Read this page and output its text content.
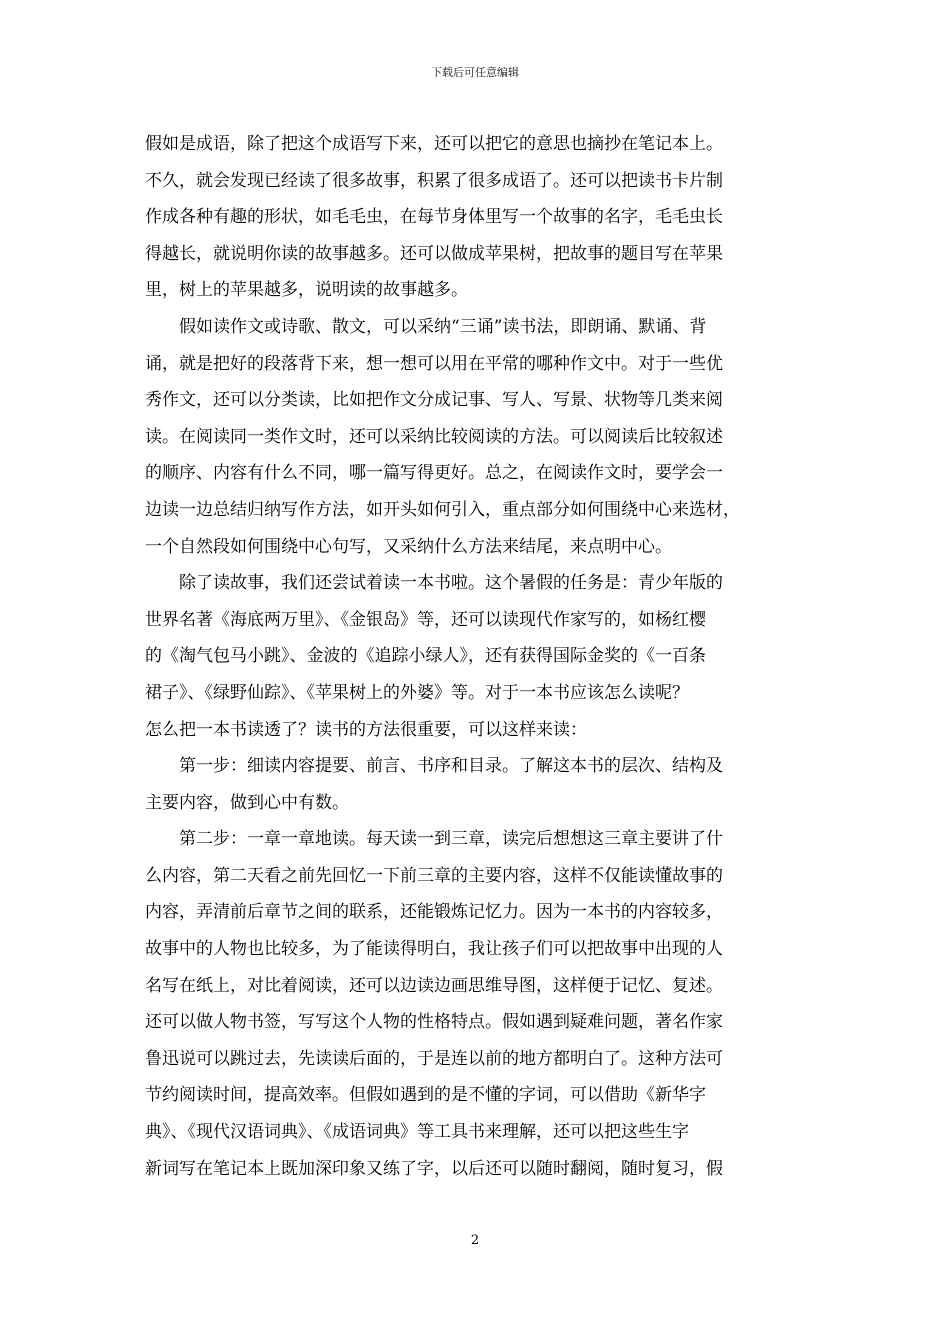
下载后可任意编辑

假如是成语，除了把这个成语写下来，还可以把它的意思也摘抄在笔记本上。
不久，就会发现已经读了很多故事，积累了很多成语了。还可以把读书卡片制
作成各种有趣的形状，如毛毛虫，在每节身体里写一个故事的名字，毛毛虫长
得越长，就说明你读的故事越多。还可以做成苹果树，把故事的题目写在苹果
里，树上的苹果越多，说明读的故事越多。

　　假如读作文或诗歌、散文，可以采纳“三诵”读书法，即朗诵、默诵、背
诵，就是把好的段落背下来，想一想可以用在平常的哪种作文中。对于一些优
秀作文，还可以分类读，比如把作文分成记事、写人、写景、状物等几类来阅
读。在阅读同一类作文时，还可以采纳比较阅读的方法。可以阅读后比较叙述
的顺序、内容有什么不同，哪一篇写得更好。总之，在阅读作文时，要学会一
边读一边总结归纳写作方法，如开头如何引入，重点部分如何围绕中心来选材，
一个自然段如何围绕中心句写，又采纳什么方法来结尾，来点明中心。

　　除了读故事，我们还尝试着读一本书啦。这个暑假的任务是：青少年版的
世界名著《海底两万里》、《金银岛》等，还可以读现代作家写的，如杨红樱
的《淘气包马小跳》、金波的《追踪小绿人》，还有获得国际金奖的《一百条
裙子》、《绿野仙踪》、《苹果树上的外婆》等。对于一本书应该怎么读呢？
怎么把一本书读透了？读书的方法很重要，可以这样来读：

　　第一步：细读内容提要、前言、书序和目录。了解这本书的层次、结构及
主要内容，做到心中有数。

　　第二步：一章一章地读。每天读一到三章，读完后想想这三章主要讲了什
么内容，第二天看之前先回忆一下前三章的主要内容，这样不仅能读懂故事的
内容，弄清前后章节之间的联系，还能锻炼记忆力。因为一本书的内容较多，
故事中的人物也比较多，为了能读得明白，我让孩子们可以把故事中出现的人
名写在纸上，对比着阅读，还可以边读边画思维导图，这样便于记忆、复述。
还可以做人物书签，写写这个人物的性格特点。假如遇到疑难问题，著名作家
鲁迅说可以跳过去，先读读后面的，于是连以前的地方都明白了。这种方法可
节约阅读时间，提高效率。但假如遇到的是不懂的字词，可以借助《新华字
典》、《现代汉语词典》、《成语词典》等工具书来理解，还可以把这些生字
新词写在笔记本上既加深印象又练了字，以后还可以随时翻阅，随时复习，假

2
